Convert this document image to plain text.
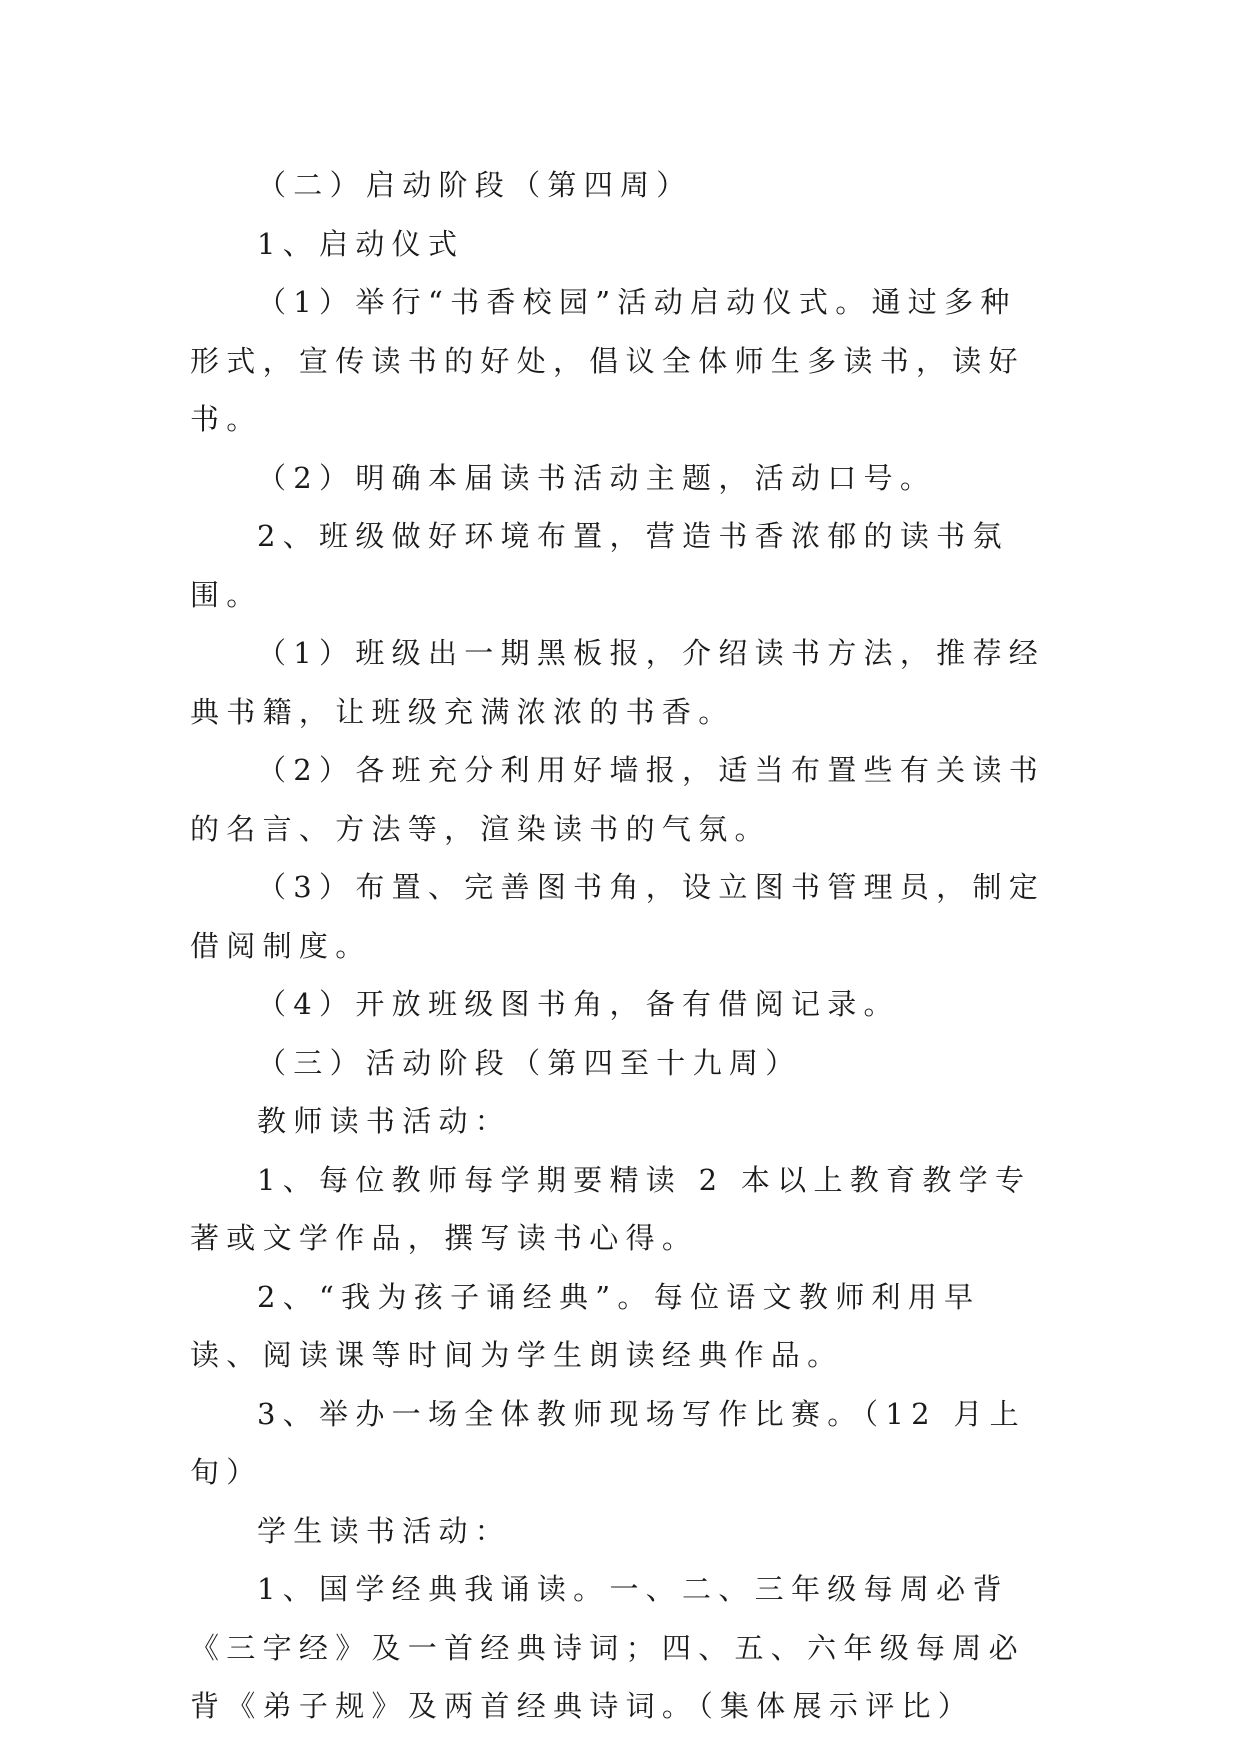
（二）启动阶段（第四周）

1、启动仪式

（1）举行“书香校园”活动启动仪式。通过多种形式，宣传读书的好处，倡议全体师生多读书，读好书。

（2）明确本届读书活动主题，活动口号。

2、班级做好环境布置，营造书香浓郁的读书氛围。

（1）班级出一期黑板报，介绍读书方法，推荐经典书籍，让班级充满浓浓的书香。

（2）各班充分利用好墙报，适当布置些有关读书的名言、方法等，渲染读书的气氛。

（3）布置、完善图书角，设立图书管理员，制定借阅制度。

（4）开放班级图书角，备有借阅记录。

（三）活动阶段（第四至十九周）

教师读书活动：

1、每位教师每学期要精读 2 本以上教育教学专著或文学作品，撰写读书心得。

2、“我为孩子诵经典”。每位语文教师利用早读、阅读课等时间为学生朗读经典作品。

3、举办一场全体教师现场写作比赛。（12 月上旬）

学生读书活动：

1、国学经典我诵读。一、二、三年级每周必背《三字经》及一首经典诗词；四、五、六年级每周必背《弟子规》及两首经典诗词。（集体展示评比）
